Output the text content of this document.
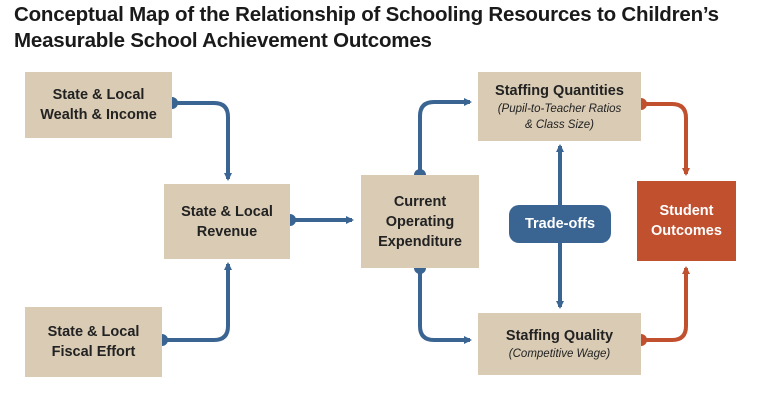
Conceptual Map of the Relationship of Schooling Resources to Children’s
Measurable School Achievement Outcomes
State & Local
Wealth & Income
State & Local
Fiscal Effort
State & Local
Revenue
Current
Operating
Expenditure
Staffing Quantities
(Pupil-to-Teacher Ratios
& Class Size)
Staffing Quality
(Competitive Wage)
Trade-offs
Student
Outcomes
